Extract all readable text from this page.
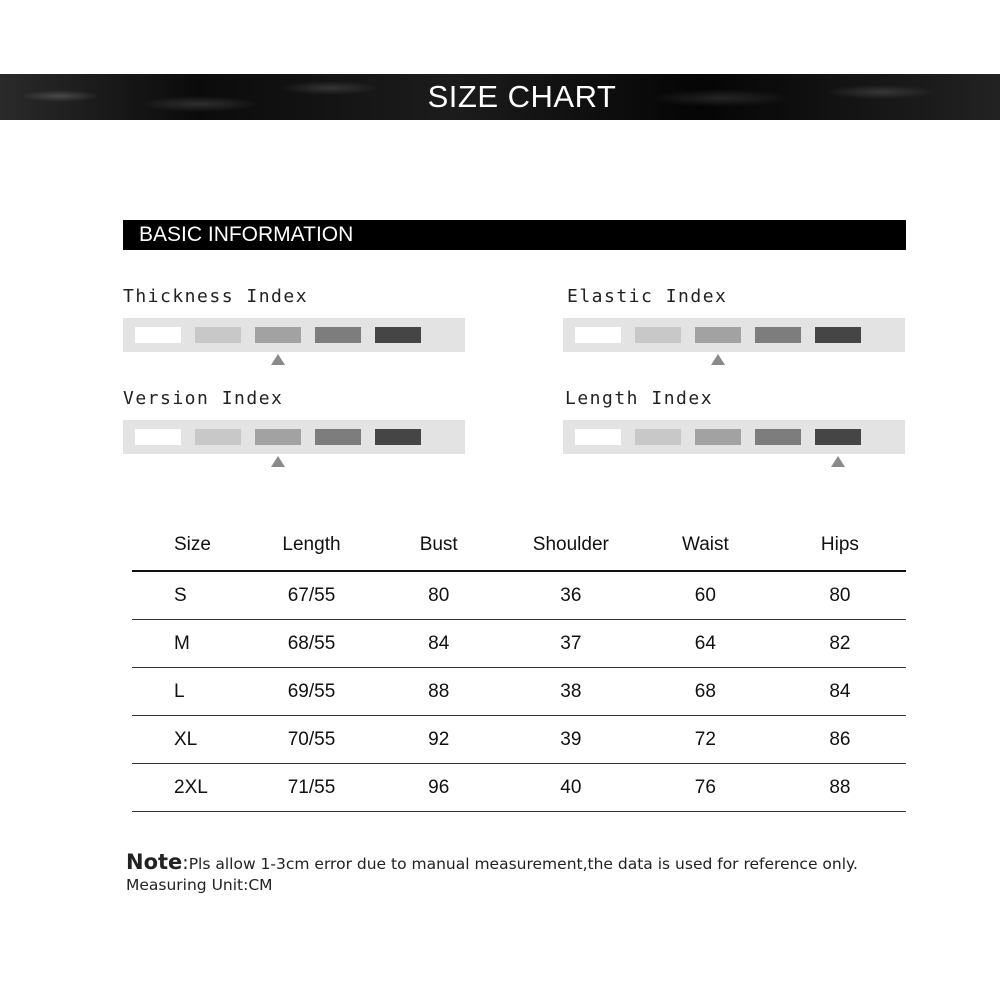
SIZE CHART
BASIC INFORMATION
Thickness Index	Elastic Index
Version Index	Length Index
Size	Length	Bust	Shoulder	Waist	Hips
S	67/55	80	36	60	80
M	68/55	84	37	64	82
L	69/55	88	38	68	84
XL	70/55	92	39	72	86
2XL	71/55	96	40	76	88
Note:Pls allow 1-3cm error due to manual measurement,the data is used for reference only.
Measuring Unit:CM
